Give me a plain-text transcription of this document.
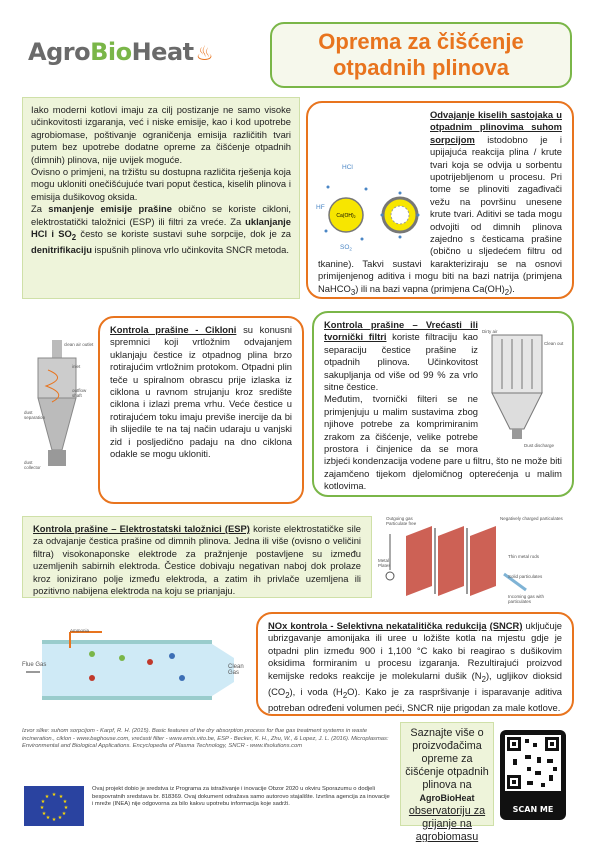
AgroBioHeat ♨	Oprema za čišćenje
otpadnih plinova

Iako moderni kotlovi imaju za cilj postizanje ne samo visoke učinkovitosti izgaranja, već i niske emisije, kao i kod upotrebe agrobiomase, poštivanje ograničenja emisija različitih tvari putem bez upotrebe dodatne opreme za čišćenje otpadnih (dimnih) plinova, nije uvijek moguće.

Ovisno o primjeni, na tržištu su dostupna različita rješenja koja mogu ukloniti onečišćujuće tvari poput čestica, kiselih plinova i emisija dušikovog oksida.

Za smanjenje emisije prašine obično se koriste cikloni, elektrostatički taložnici (ESP) ili filtri za vreće. Za uklanjanje HCl i $SO_2$ često se koriste sustavi suhe sorpcije, dok je za denitrifikaciju ispušnih plinova vrlo učinkovita SNCR metoda.

$Ca(OH)_2$
HCl
HF
$SO_2$
Odvajanje kiselih sastojaka u otpadnim plinovima suhom sorpcijom istodobno je i upijajuća reakcija plina / krute tvari koja se odvija u sorbentu upotrijebljenom u procesu. Pri tome se plinoviti zagađivači vežu na površinu unesene krute tvari. Aditivi se tada mogu odvojiti od dimnih plinova zajedno s česticama prašine (obično u sljedećem filtru od tkanine). Takvi sustavi karakteriziraju se na osnovi primijenjenog aditiva i mogu biti na bazi natrija (primjena NaHCO$_3$) ili na bazi vapna (primjena $Ca(OH)_2$).
clean air outlet
inlet
outflow shaft
dust separation
dust collector
Kontrola prašine - Cikloni su konusni spremnici koji vrtložnim odvajanjem uklanjaju čestice iz otpadnog plina brzo rotirajućim vrtložnim protokom. Otpadni plin teče u spiralnom obrascu prije izlaska iz ciklona u ravnom strujanju kroz središte ciklona i izlazi prema vrhu. Veće čestice u rotirajućem toku imaju previše inercije da bi ih slijedile te na taj način udaraju u vanjski zid i posljedično padaju na dno ciklona odakle se mogu ukloniti.
Clean out
Dirty air
Dust discharge
Kontrola prašine – Vrećasti ili tvornički filtri koriste filtraciju kao separaciju čestice prašine iz otpadnih plinova. Učinkovitost sakupljanja od više od 99 % za vrlo sitne čestice.
Međutim, tvornički filteri se ne primjenjuju u malim sustavima zbog njihove potrebe za komprimiranim zrakom za čišćenje, velike potrebe prostora i činjenice da se mora izbjeći kondenzacija vodene pare u filtru, što ne može biti zajamčeno tijekom djelomičnog opterećenja u malim kotlovima.
Kontrola prašine – Elektrostatski taložnici (ESP) koriste elektrostatičke sile za odvajanje čestica prašine od dimnih plinova. Jedna ili više (ovisno o veličini filtra) visokonaponske elektrode za pražnjenje postavljene su između uzemljenih sabirnih elektroda. Čestice dobivaju negativan naboj dok prolaze kroz ionizirano polje između elektroda, a zatim ih privlače uzemljena ili pozitivno nabijena elektroda na koju se prianjaju.
Outgoing gas Particulate free
Negatively charged particulates
Metal Plates
Thin metal rods
Solid particulates
Incoming gas with particulates
Ammonia
Flue Gas	Clean Gas
NOx kontrola - Selektivna nekatalitička redukcija (SNCR) uključuje ubrizgavanje amonijaka ili uree u ložište kotla na mjestu gdje je otpadni plin između 900 i 1,100 °C kako bi reagirao s dušikovim oksidima formiranim u procesu izgaranja. Rezultirajući proizvod kemijske redoks reakcije je molekularni dušik $(N_2)$, ugljikov dioksid $(CO_2)$, i voda $(H_2O)$. Kako je za raspršivanje i isparavanje aditiva potreban određeni volumen peći, SNCR nije prigodan za male kotlove.
Izvor slike: suhom sorpcijom - Karpf, R. H. (2015). Basic features of the dry absorption process for flue gas treatment systems in waste incineration., ciklon - www.baghouse.com, vrećasti filter - www.emis.vito.be, ESP - Becker, K. H., Zhu, W., & Lopez, J. L. (2016). Microplasmas: Environmental and Biological Applications. Encyclopedia of Plasma Technology, SNCR - www.ifsolutions.com
★ ★
★
★
★
★
★
★
★
★
★
★
Ovaj projekt dobio je sredstva iz Programa za istraživanje i inovacije Obzor 2020 u okviru Sporazumu o dodjeli bespovratnih sredstava br. 818369. Ovaj dokument odražava samo autorovo stajalište. Izvršna agencija za inovacije i mreže (INEA) nije odgovorna za bilo kakvu upotrebu informacija koje sadrži.
Saznajte više o proizvođačima opreme za čišćenje otpadnih plinova na AgroBioHeat observatoriju za grijanje na agrobiomasu
SCAN ME
